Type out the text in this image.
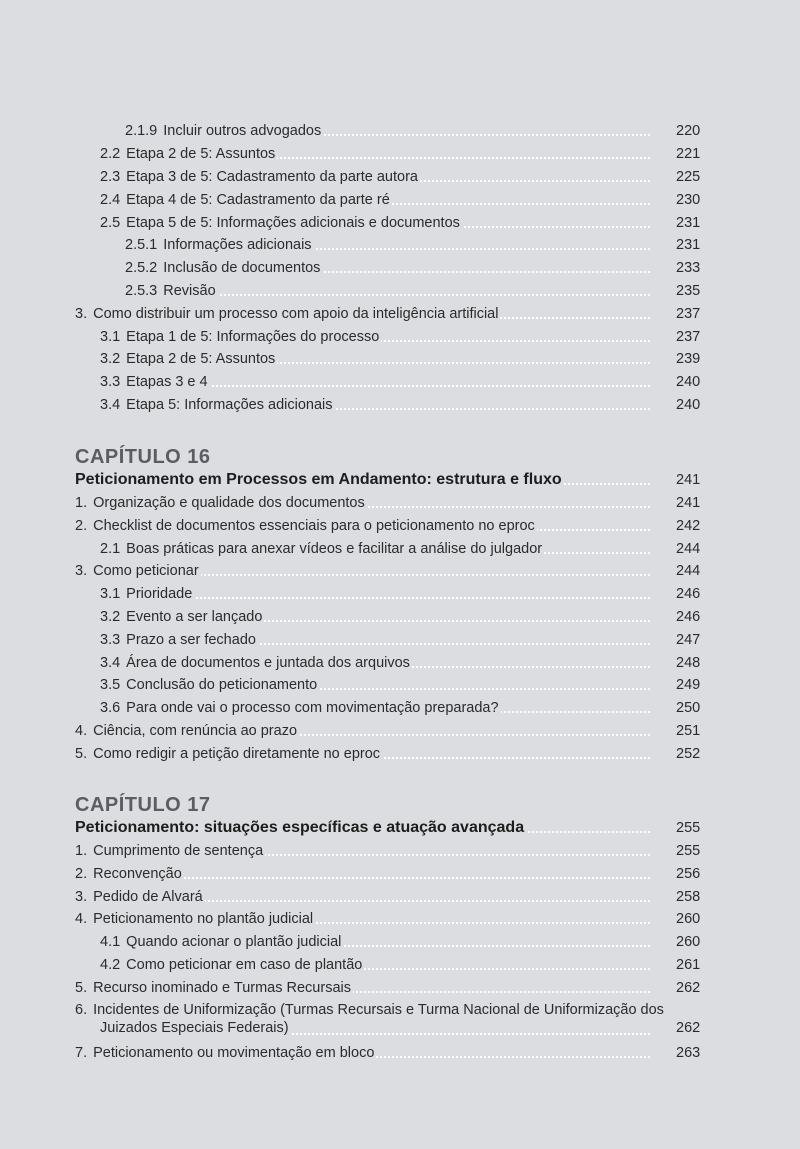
2.1.9 Incluir outros advogados	220
2.2 Etapa 2 de 5: Assuntos	221
2.3 Etapa 3 de 5: Cadastramento da parte autora	225
2.4 Etapa 4 de 5: Cadastramento da parte ré	230
2.5 Etapa 5 de 5: Informações adicionais e documentos	231
2.5.1 Informações adicionais	231
2.5.2 Inclusão de documentos	233
2.5.3 Revisão	235
3. Como distribuir um processo com apoio da inteligência artificial	237
3.1 Etapa 1 de 5: Informações do processo	237
3.2 Etapa 2 de 5: Assuntos	239
3.3 Etapas 3 e 4	240
3.4 Etapa 5: Informações adicionais	240
CAPÍTULO 16
Peticionamento em Processos em Andamento: estrutura e fluxo	241
1. Organização e qualidade dos documentos	241
2. Checklist de documentos essenciais para o peticionamento no eproc	242
2.1 Boas práticas para anexar vídeos e facilitar a análise do julgador	244
3. Como peticionar	244
3.1 Prioridade	246
3.2 Evento a ser lançado	246
3.3 Prazo a ser fechado	247
3.4 Área de documentos e juntada dos arquivos	248
3.5 Conclusão do peticionamento	249
3.6 Para onde vai o processo com movimentação preparada?	250
4. Ciência, com renúncia ao prazo	251
5. Como redigir a petição diretamente no eproc	252
CAPÍTULO 17
Peticionamento: situações específicas e atuação avançada	255
1. Cumprimento de sentença	255
2. Reconvenção	256
3. Pedido de Alvará	258
4. Peticionamento no plantão judicial	260
4.1 Quando acionar o plantão judicial	260
4.2 Como peticionar em caso de plantão	261
5. Recurso inominado e Turmas Recursais	262
6. Incidentes de Uniformização (Turmas Recursais e Turma Nacional de Uniformização dos
Juizados Especiais Federais)	262
7. Peticionamento ou movimentação em bloco	263
